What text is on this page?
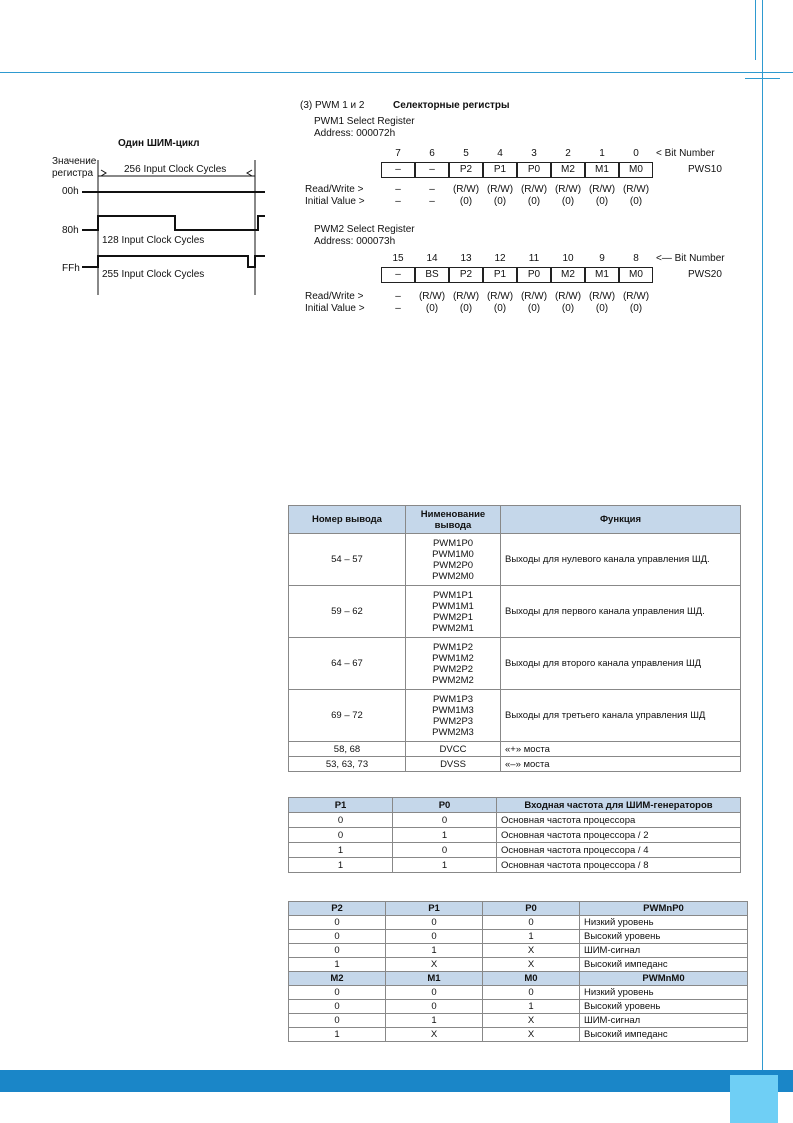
Один ШИМ-цикл
Значение
регистра	256 Input Clock Cycles
00h
80h
FFh
128 Input Clock Cycles
255 Input Clock Cycles
(3) PWM 1 и 2	Селекторные регистры
PWM1 Select Register
Address: 000072h
7	6	5	4	3	2	1	0	< Bit Number
–	–	P2	P1	P0	M2	M1	M0	PWS10
Read/Write >
Initial Value >
–	–	(R/W) (R/W) (R/W) (R/W) (R/W) (R/W)
–	–	(0)	(0)	(0)	(0)	(0)	(0)
PWM2 Select Register
Address: 000073h
15	14	13	12	11	10	9	8	<— Bit Number
–	BS	P2	P1	P0	M2	M1	M0	PWS20
Read/Write >
Initial Value >
–	(R/W) (R/W) (R/W) (R/W) (R/W) (R/W) (R/W)
–	(0)	(0)	(0)	(0)	(0)	(0)	(0)
Номер вывода	Нименование вывода	Функция
54 – 57	PWM1P0
PWM1M0
PWM2P0
PWM2M0	Выходы для нулевого канала управления ШД.
59 – 62	PWM1P1
PWM1M1
PWM2P1
PWM2M1	Выходы для первого канала управления ШД.
64 – 67	PWM1P2
PWM1M2
PWM2P2
PWM2M2	Выходы для второго канала управления ШД
69 – 72	PWM1P3
PWM1M3
PWM2P3
PWM2M3	Выходы для третьего канала управления ШД
58, 68	DVCC	«+» моста
53, 63, 73	DVSS	«–» моста
P1	P0	Входная частота для ШИМ-генераторов
0	0	Основная частота процессора
0	1	Основная частота процессора / 2
1	0	Основная частота процессора / 4
1	1	Основная частота процессора / 8
P2	P1	P0	PWMnP0
0	0	0	Низкий уровень
0	0	1	Высокий уровень
0	1	X	ШИМ-сигнал
1	X	X	Высокий импеданс
M2	M1	M0	PWMnM0
0	0	0	Низкий уровень
0	0	1	Высокий уровень
0	1	X	ШИМ-сигнал
1	X	X	Высокий импеданс
